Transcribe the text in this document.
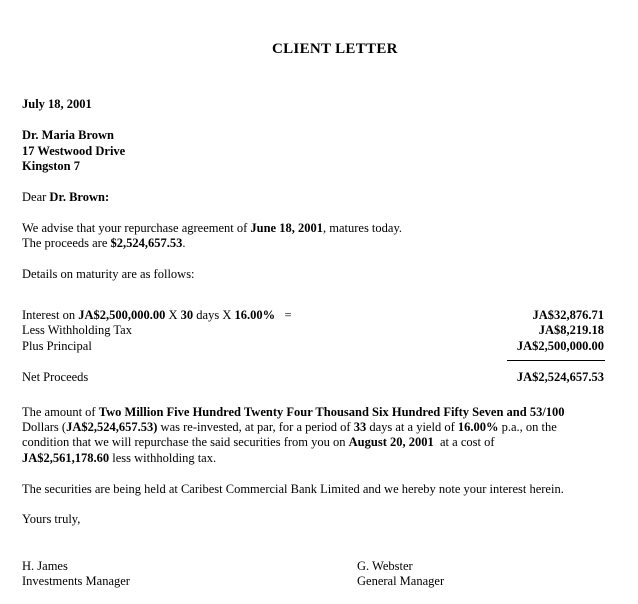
CLIENT LETTER
July 18, 2001
Dr. Maria Brown
17 Westwood Drive
Kingston 7
Dear Dr. Brown:
We advise that your repurchase agreement of June 18, 2001, matures today.
The proceeds are $2,524,657.53.
Details on maturity are as follows:
Interest on JA$2,500,000.00 X 30 days X 16.00%   =	JA$32,876.71
Less Withholding Tax	JA$8,219.18
Plus Principal	JA$2,500,000.00
Net Proceeds	JA$2,524,657.53
The amount of Two Million Five Hundred Twenty Four Thousand Six Hundred Fifty Seven and 53/100
Dollars (JA$2,524,657.53) was re-invested, at par, for a period of 33 days at a yield of 16.00% p.a., on the
condition that we will repurchase the said securities from you on August 20, 2001  at a cost of
JA$2,561,178.60 less withholding tax.
The securities are being held at Caribest Commercial Bank Limited and we hereby note your interest herein.
Yours truly,
H. James
Investments Manager
G. Webster
General Manager
